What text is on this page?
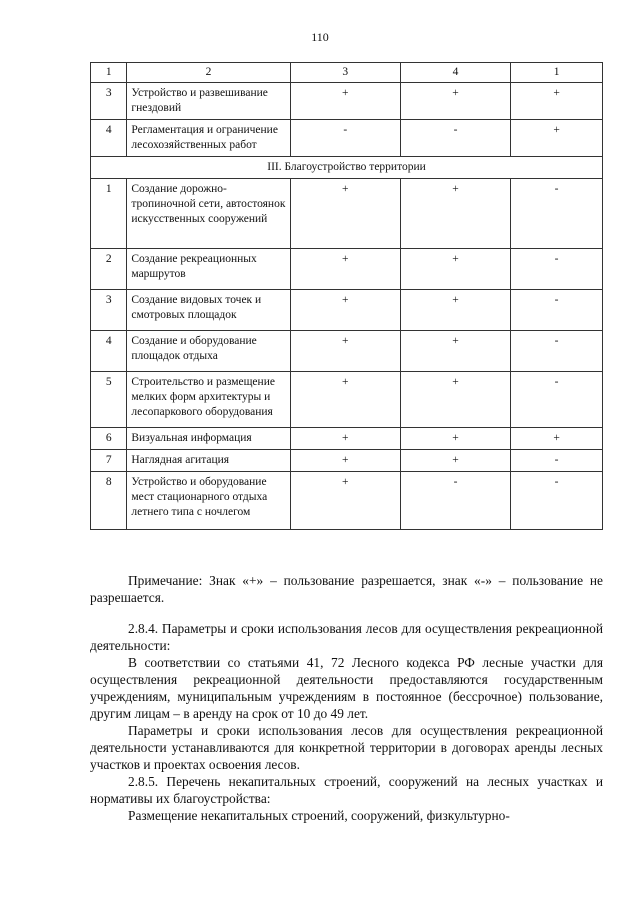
110
1	2	3	4	1
3	Устройство и развешивание гнездовий	+	+	+
4	Регламентация и ограничение лесохозяйственных работ	-	-	+
III. Благоустройство территории				
1	Создание дорожно-тропиночной сети, автостоянок искусственных сооружений	+	+	-
2	Создание рекреационных маршрутов	+	+	-
3	Создание видовых точек и смотровых площадок	+	+	-
4	Создание и оборудование площадок отдыха	+	+	-
5	Строительство и размещение мелких форм архитектуры и лесопаркового оборудования	+	+	-
6	Визуальная информация	+	+	+
7	Наглядная агитация	+	+	-
8	Устройство и оборудование мест стационарного отдыха летнего типа с ночлегом	+	-	-

Примечание: Знак «+» – пользование разрешается, знак «-» – пользование не разрешается.

2.8.4. Параметры и сроки использования лесов для осуществления рекреационной деятельности:

В соответствии со статьями 41, 72 Лесного кодекса РФ лесные участки для осуществления рекреационной деятельности предоставляются государственным учреждениям, муниципальным учреждениям в постоянное (бессрочное) пользование, другим лицам – в аренду на срок от 10 до 49 лет.

Параметры и сроки использования лесов для осуществления рекреационной деятельности устанавливаются для конкретной территории в договорах аренды лесных участков и проектах освоения лесов.

2.8.5. Перечень некапитальных строений, сооружений на лесных участках и нормативы их благоустройства:

Размещение некапитальных строений, сооружений, физкультурно-
